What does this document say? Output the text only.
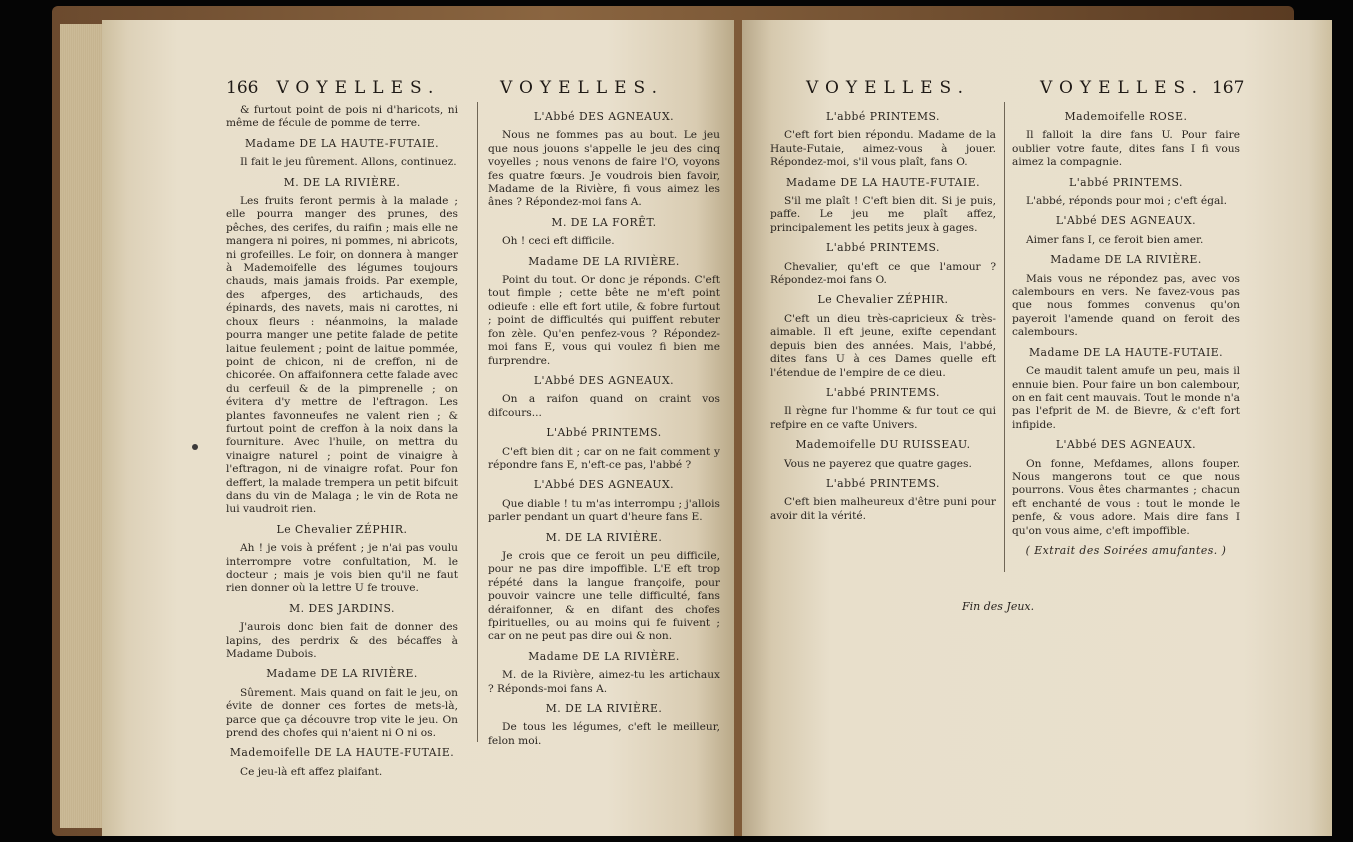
166 VOYELLES.	VOYELLES.

& furtout point de pois ni d'haricots, ni même de fécule de pomme de terre.

Madame DE LA HAUTE-FUTAIE.

Il fait le jeu fûrement. Allons, continuez.

M. DE LA RIVIÈRE.

Les fruits feront permis à la malade ; elle pourra manger des prunes, des pêches, des cerifes, du raifin ; mais elle ne mangera ni poires, ni pommes, ni abricots, ni grofeilles. Le foir, on donnera à manger à Mademoifelle des légumes toujours chauds, mais jamais froids. Par exemple, des afperges, des artichauds, des épinards, des navets, mais ni carottes, ni choux fleurs : néanmoins, la malade pourra manger une petite falade de petite laitue feulement ; point de laitue pommée, point de chicon, ni de creffon, ni de chicorée. On affaifonnera cette falade avec du cerfeuil & de la pimprenelle ; on évitera d'y mettre de l'eftragon. Les plantes favonneufes ne valent rien ; & furtout point de creffon à la noix dans la fourniture. Avec l'huile, on mettra du vinaigre naturel ; point de vinaigre à l'eftragon, ni de vinaigre rofat. Pour fon deffert, la malade trempera un petit bifcuit dans du vin de Malaga ; le vin de Rota ne lui vaudroit rien.

Le Chevalier ZÉPHIR.

Ah ! je vois à préfent ; je n'ai pas voulu interrompre votre confultation, M. le docteur ; mais je vois bien qu'il ne faut rien donner où la lettre U fe trouve.

M. DES JARDINS.

J'aurois donc bien fait de donner des lapins, des perdrix & des bécaffes à Madame Dubois.

Madame DE LA RIVIÈRE.

Sûrement. Mais quand on fait le jeu, on évite de donner ces fortes de mets-là, parce que ça découvre trop vite le jeu. On prend des chofes qui n'aient ni O ni os.

Mademoifelle DE LA HAUTE-FUTAIE.

Ce jeu-là eft affez plaifant.

L'Abbé DES AGNEAUX.

Nous ne fommes pas au bout. Le jeu que nous jouons s'appelle le jeu des cinq voyelles ; nous venons de faire l'O, voyons fes quatre fœurs. Je voudrois bien favoir, Madame de la Rivière, fi vous aimez les ânes ? Répondez-moi fans A.

M. DE LA FORÊT.

Oh ! ceci eft difficile.

Madame DE LA RIVIÈRE.

Point du tout. Or donc je réponds. C'eft tout fimple ; cette bête ne m'eft point odieufe : elle eft fort utile, & fobre furtout ; point de difficultés qui puiffent rebuter fon zèle. Qu'en penfez-vous ? Répondez-moi fans E, vous qui voulez fi bien me furprendre.

L'Abbé DES AGNEAUX.

On a raifon quand on craint vos difcours...

L'Abbé PRINTEMS.

C'eft bien dit ; car on ne fait comment y répondre fans E, n'eft-ce pas, l'abbé ?

L'Abbé DES AGNEAUX.

Que diable ! tu m'as interrompu ; j'allois parler pendant un quart d'heure fans E.

M. DE LA RIVIÈRE.

Je crois que ce feroit un peu difficile, pour ne pas dire impoffible. L'E eft trop répété dans la langue françoife, pour pouvoir vaincre une telle difficulté, fans déraifonner, & en difant des chofes fpirituelles, ou au moins qui fe fuivent ; car on ne peut pas dire oui & non.

Madame DE LA RIVIÈRE.

M. de la Rivière, aimez-tu les artichaux ? Réponds-moi fans A.

M. DE LA RIVIÈRE.

De tous les légumes, c'eft le meilleur, felon moi.

VOYELLES.	VOYELLES. 167

L'abbé PRINTEMS.

C'eft fort bien répondu. Madame de la Haute-Futaie, aimez-vous à jouer. Répondez-moi, s'il vous plaît, fans O.

Madame DE LA HAUTE-FUTAIE.

S'il me plaît ! C'eft bien dit. Si je puis, paffe. Le jeu me plaît affez, principalement les petits jeux à gages.

L'abbé PRINTEMS.

Chevalier, qu'eft ce que l'amour ? Répondez-moi fans O.

Le Chevalier ZÉPHIR.

C'eft un dieu très-capricieux & très-aimable. Il eft jeune, exifte cependant depuis bien des années. Mais, l'abbé, dites fans U à ces Dames quelle eft l'étendue de l'empire de ce dieu.

L'abbé PRINTEMS.

Il règne fur l'homme & fur tout ce qui refpire en ce vafte Univers.

Mademoifelle DU RUISSEAU.

Vous ne payerez que quatre gages.

L'abbé PRINTEMS.

C'eft bien malheureux d'être puni pour avoir dit la vérité.

Mademoifelle ROSE.

Il falloit la dire fans U. Pour faire oublier votre faute, dites fans I fi vous aimez la compagnie.

L'abbé PRINTEMS.

L'abbé, réponds pour moi ; c'eft égal.

L'Abbé DES AGNEAUX.

Aimer fans I, ce feroit bien amer.

Madame DE LA RIVIÈRE.

Mais vous ne répondez pas, avec vos calembours en vers. Ne favez-vous pas que nous fommes convenus qu'on payeroit l'amende quand on feroit des calembours.

Madame DE LA HAUTE-FUTAIE.

Ce maudit talent amufe un peu, mais il ennuie bien. Pour faire un bon calembour, on en fait cent mauvais. Tout le monde n'a pas l'efprit de M. de Bievre, & c'eft fort infipide.

L'Abbé DES AGNEAUX.

On fonne, Mefdames, allons fouper. Nous mangerons tout ce que nous pourrons. Vous êtes charmantes ; chacun eft enchanté de vous : tout le monde le penfe, & vous adore. Mais dire fans I qu'on vous aime, c'eft impoffible.

( Extrait des Soirées amufantes. )

Fin des Jeux.
